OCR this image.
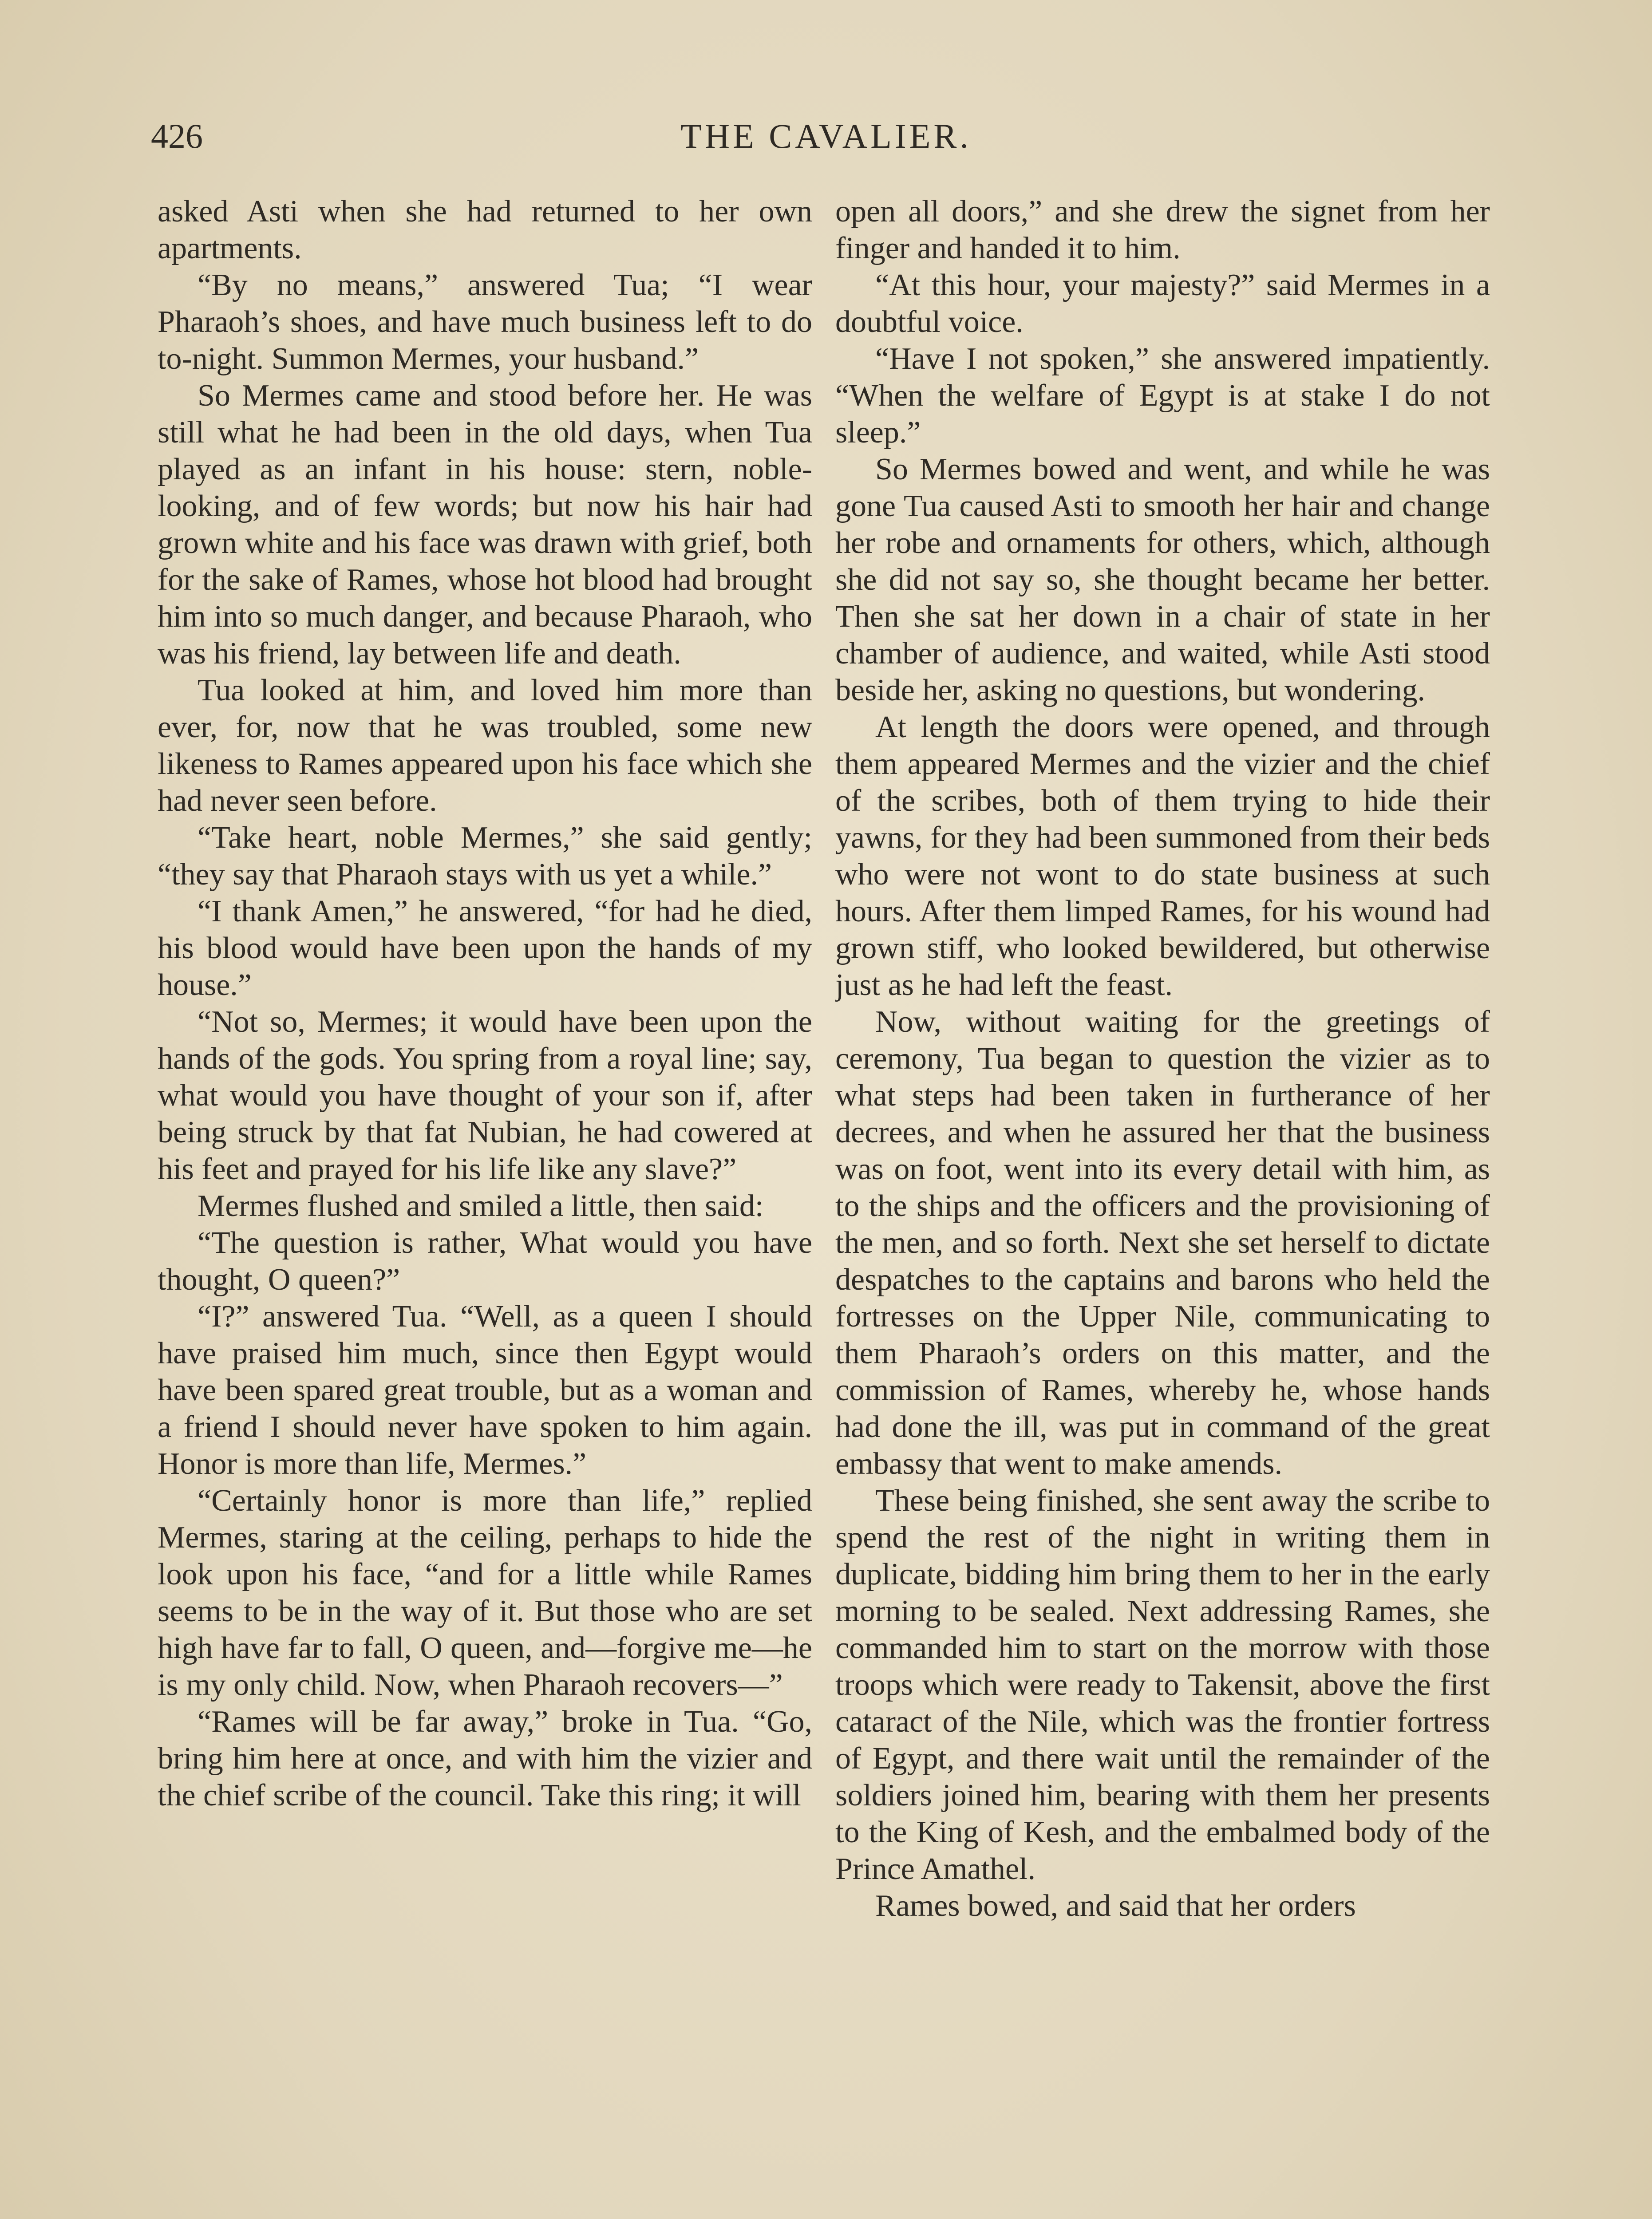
426	THE CAVALIER.

asked Asti when she had returned to her own apartments.

“By no means,” answered Tua; “I wear Pharaoh’s shoes, and have much business left to do to-night. Summon Mermes, your husband.”

So Mermes came and stood before her. He was still what he had been in the old days, when Tua played as an infant in his house: stern, noble-looking, and of few words; but now his hair had grown white and his face was drawn with grief, both for the sake of Rames, whose hot blood had brought him into so much danger, and because Pharaoh, who was his friend, lay between life and death.

Tua looked at him, and loved him more than ever, for, now that he was troubled, some new likeness to Rames appeared upon his face which she had never seen before.

“Take heart, noble Mermes,” she said gently; “they say that Pharaoh stays with us yet a while.”

“I thank Amen,” he answered, “for had he died, his blood would have been upon the hands of my house.”

“Not so, Mermes; it would have been upon the hands of the gods. You spring from a royal line; say, what would you have thought of your son if, after being struck by that fat Nubian, he had cowered at his feet and prayed for his life like any slave?”

Mermes flushed and smiled a little, then said:

“The question is rather, What would you have thought, O queen?”

“I?” answered Tua. “Well, as a queen I should have praised him much, since then Egypt would have been spared great trouble, but as a woman and a friend I should never have spoken to him again. Honor is more than life, Mermes.”

“Certainly honor is more than life,” replied Mermes, staring at the ceiling, perhaps to hide the look upon his face, “and for a little while Rames seems to be in the way of it. But those who are set high have far to fall, O queen, and—forgive me—he is my only child. Now, when Pharaoh recovers—”

“Rames will be far away,” broke in Tua. “Go, bring him here at once, and with him the vizier and the chief scribe of the council. Take this ring; it will

open all doors,” and she drew the signet from her finger and handed it to him.

“At this hour, your majesty?” said Mermes in a doubtful voice.

“Have I not spoken,” she answered impatiently. “When the welfare of Egypt is at stake I do not sleep.”

So Mermes bowed and went, and while he was gone Tua caused Asti to smooth her hair and change her robe and ornaments for others, which, although she did not say so, she thought became her better. Then she sat her down in a chair of state in her chamber of audience, and waited, while Asti stood beside her, asking no questions, but wondering.

At length the doors were opened, and through them appeared Mermes and the vizier and the chief of the scribes, both of them trying to hide their yawns, for they had been summoned from their beds who were not wont to do state business at such hours. After them limped Rames, for his wound had grown stiff, who looked bewildered, but otherwise just as he had left the feast.

Now, without waiting for the greetings of ceremony, Tua began to question the vizier as to what steps had been taken in furtherance of her decrees, and when he assured her that the business was on foot, went into its every detail with him, as to the ships and the officers and the provisioning of the men, and so forth. Next she set herself to dictate despatches to the captains and barons who held the fortresses on the Upper Nile, communicating to them Pharaoh’s orders on this matter, and the commission of Rames, whereby he, whose hands had done the ill, was put in command of the great embassy that went to make amends.

These being finished, she sent away the scribe to spend the rest of the night in writing them in duplicate, bidding him bring them to her in the early morning to be sealed. Next addressing Rames, she commanded him to start on the morrow with those troops which were ready to Takensit, above the first cataract of the Nile, which was the frontier fortress of Egypt, and there wait until the remainder of the soldiers joined him, bearing with them her presents to the King of Kesh, and the embalmed body of the Prince Amathel.

Rames bowed, and said that her orders
